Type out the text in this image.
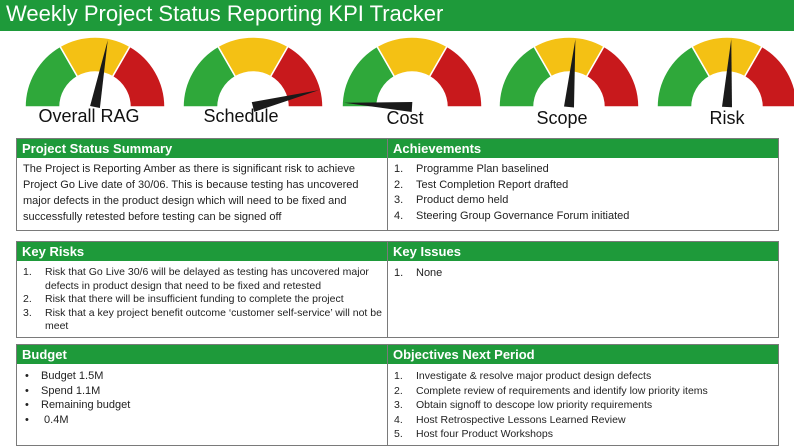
Weekly Project Status Reporting KPI Tracker
Overall RAG	Schedule	Cost	Scope	Risk
Project Status Summary
The Project is Reporting Amber as there is significant risk to achieve Project Go Live date of 30/06. This is because testing has uncovered major defects in the product design which will need to be fixed and successfully retested before testing can be signed off
Achievements
1. Programme Plan baselined
2. Test Completion Report drafted
3. Product demo held
4. Steering Group Governance Forum initiated
Key Risks
1. Risk that Go Live 30/6 will be delayed as testing has uncovered major defects in product design that need to be fixed and retested
2. Risk that there will be insufficient funding to complete the project
3. Risk that a key project benefit outcome ‘customer self-service’ will not be meet
Key Issues
1. None
Budget
• Budget 1.5M
• Spend 1.1M
• Remaining budget
• 0.4M
Objectives Next Period
1. Investigate & resolve major product design defects
2. Complete review of requirements and identify low priority items
3. Obtain signoff to descope low priority requirements
4. Host Retrospective Lessons Learned Review
5. Host four Product Workshops
